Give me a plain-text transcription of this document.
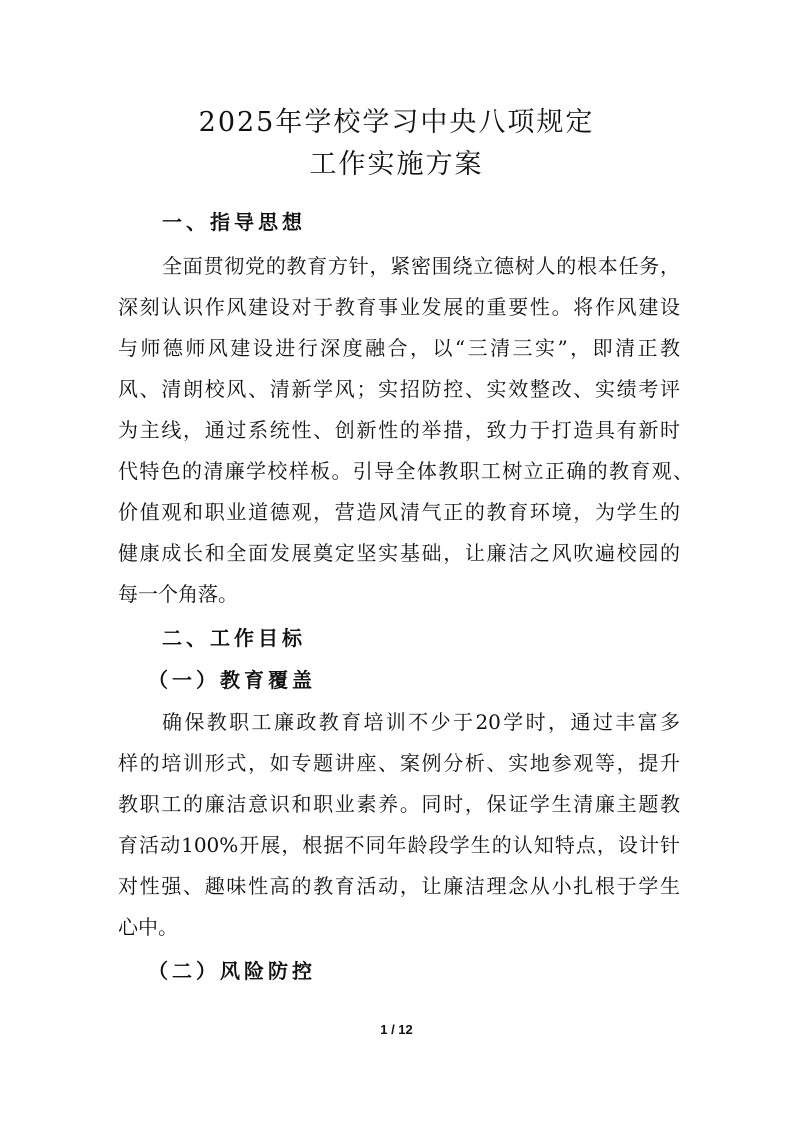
2025年学校学习中央八项规定
工作实施方案
一、指导思想
全面贯彻党的教育方针，紧密围绕立德树人的根本任务，
深刻认识作风建设对于教育事业发展的重要性。将作风建设
与师德师风建设进行深度融合，以“三清三实”，即清正教
风、清朗校风、清新学风；实招防控、实效整改、实绩考评
为主线，通过系统性、创新性的举措，致力于打造具有新时
代特色的清廉学校样板。引导全体教职工树立正确的教育观、
价值观和职业道德观，营造风清气正的教育环境，为学生的
健康成长和全面发展奠定坚实基础，让廉洁之风吹遍校园的
每一个角落。
二、工作目标
（一）教育覆盖
确保教职工廉政教育培训不少于20学时，通过丰富多
样的培训形式，如专题讲座、案例分析、实地参观等，提升
教职工的廉洁意识和职业素养。同时，保证学生清廉主题教
育活动100%开展，根据不同年龄段学生的认知特点，设计针
对性强、趣味性高的教育活动，让廉洁理念从小扎根于学生
心中。
（二）风险防控
1 / 12
